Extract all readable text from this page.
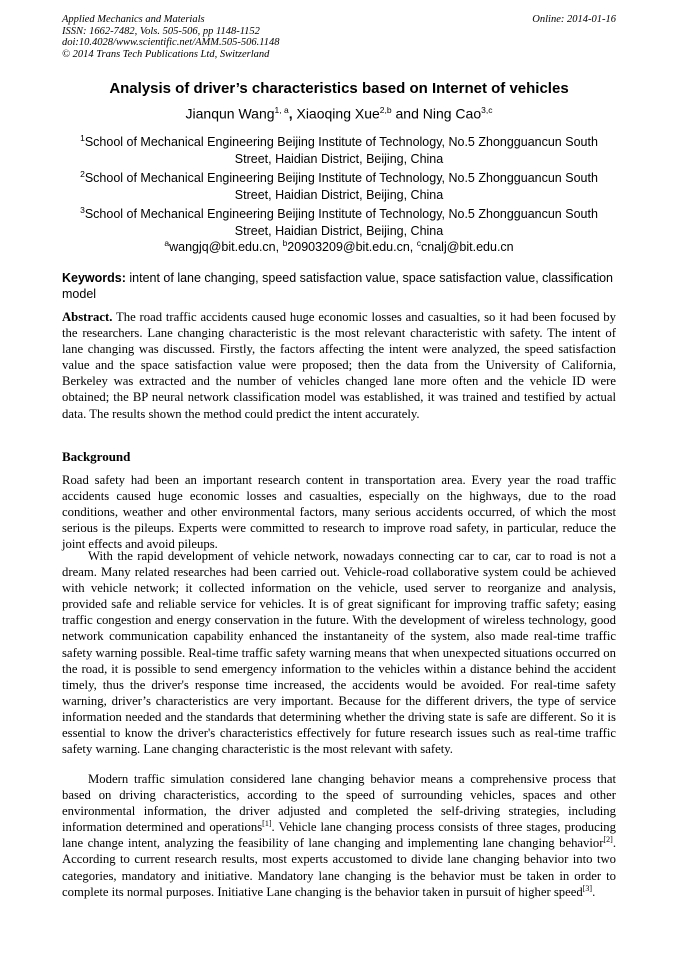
Applied Mechanics and Materials
ISSN: 1662-7482, Vols. 505-506, pp 1148-1152
doi:10.4028/www.scientific.net/AMM.505-506.1148
© 2014 Trans Tech Publications Ltd, Switzerland
Online: 2014-01-16
Analysis of driver’s characteristics based on Internet of vehicles
Jianqun Wang$^{1, a}$, Xiaoqing Xue$^{2,b}$ and Ning Cao$^{3,c}$
$^1$School of Mechanical Engineering Beijing Institute of Technology, No.5 Zhongguancun South Street, Haidian District, Beijing, China
$^2$School of Mechanical Engineering Beijing Institute of Technology, No.5 Zhongguancun South Street, Haidian District, Beijing, China
$^3$School of Mechanical Engineering Beijing Institute of Technology, No.5 Zhongguancun South Street, Haidian District, Beijing, China
$^a$wangjq@bit.edu.cn, $^b$20903209@bit.edu.cn, $^c$cnalj@bit.edu.cn
Keywords: intent of lane changing, speed satisfaction value, space satisfaction value, classification model
Abstract. The road traffic accidents caused huge economic losses and casualties, so it had been focused by the researchers. Lane changing characteristic is the most relevant characteristic with safety. The intent of lane changing was discussed. Firstly, the factors affecting the intent were analyzed, the speed satisfaction value and the space satisfaction value were proposed; then the data from the University of California, Berkeley was extracted and the number of vehicles changed lane more often and the vehicle ID were obtained; the BP neural network classification model was established, it was trained and testified by actual data. The results shown the method could predict the intent accurately.
Background

Road safety had been an important research content in transportation area. Every year the road traffic accidents caused huge economic losses and casualties, especially on the highways, due to the road conditions, weather and other environmental factors, many serious accidents occurred, of which the most serious is the pileups. Experts were committed to research to improve road safety, in particular, reduce the joint effects and avoid pileups.

With the rapid development of vehicle network, nowadays connecting car to car, car to road is not a dream. Many related researches had been carried out. Vehicle-road collaborative system could be achieved with vehicle network; it collected information on the vehicle, used server to reorganize and analysis, provided safe and reliable service for vehicles. It is of great significant for improving traffic safety; easing traffic congestion and energy conservation in the future. With the development of wireless technology, good network communication capability enhanced the instantaneity of the system, also made real-time traffic safety warning possible. Real-time traffic safety warning means that when unexpected situations occurred on the road, it is possible to send emergency information to the vehicles within a distance behind the accident timely, thus the driver's response time increased, the accidents would be avoided. For real-time safety warning, driver’s characteristics are very important. Because for the different drivers, the type of service information needed and the standards that determining whether the driving state is safe are different. So it is essential to know the driver's characteristics effectively for future research issues such as real-time traffic safety warning. Lane changing characteristic is the most relevant with safety.

Modern traffic simulation considered lane changing behavior means a comprehensive process that based on driving characteristics, according to the speed of surrounding vehicles, spaces and other environmental information, the driver adjusted and completed the self-driving strategies, including information determined and operations[1]. Vehicle lane changing process consists of three stages, producing lane change intent, analyzing the feasibility of lane changing and implementing lane changing behavior[2]. According to current research results, most experts accustomed to divide lane changing behavior into two categories, mandatory and initiative. Mandatory lane changing is the behavior must be taken in order to complete its normal purposes. Initiative Lane changing is the behavior taken in pursuit of higher speed[3].
